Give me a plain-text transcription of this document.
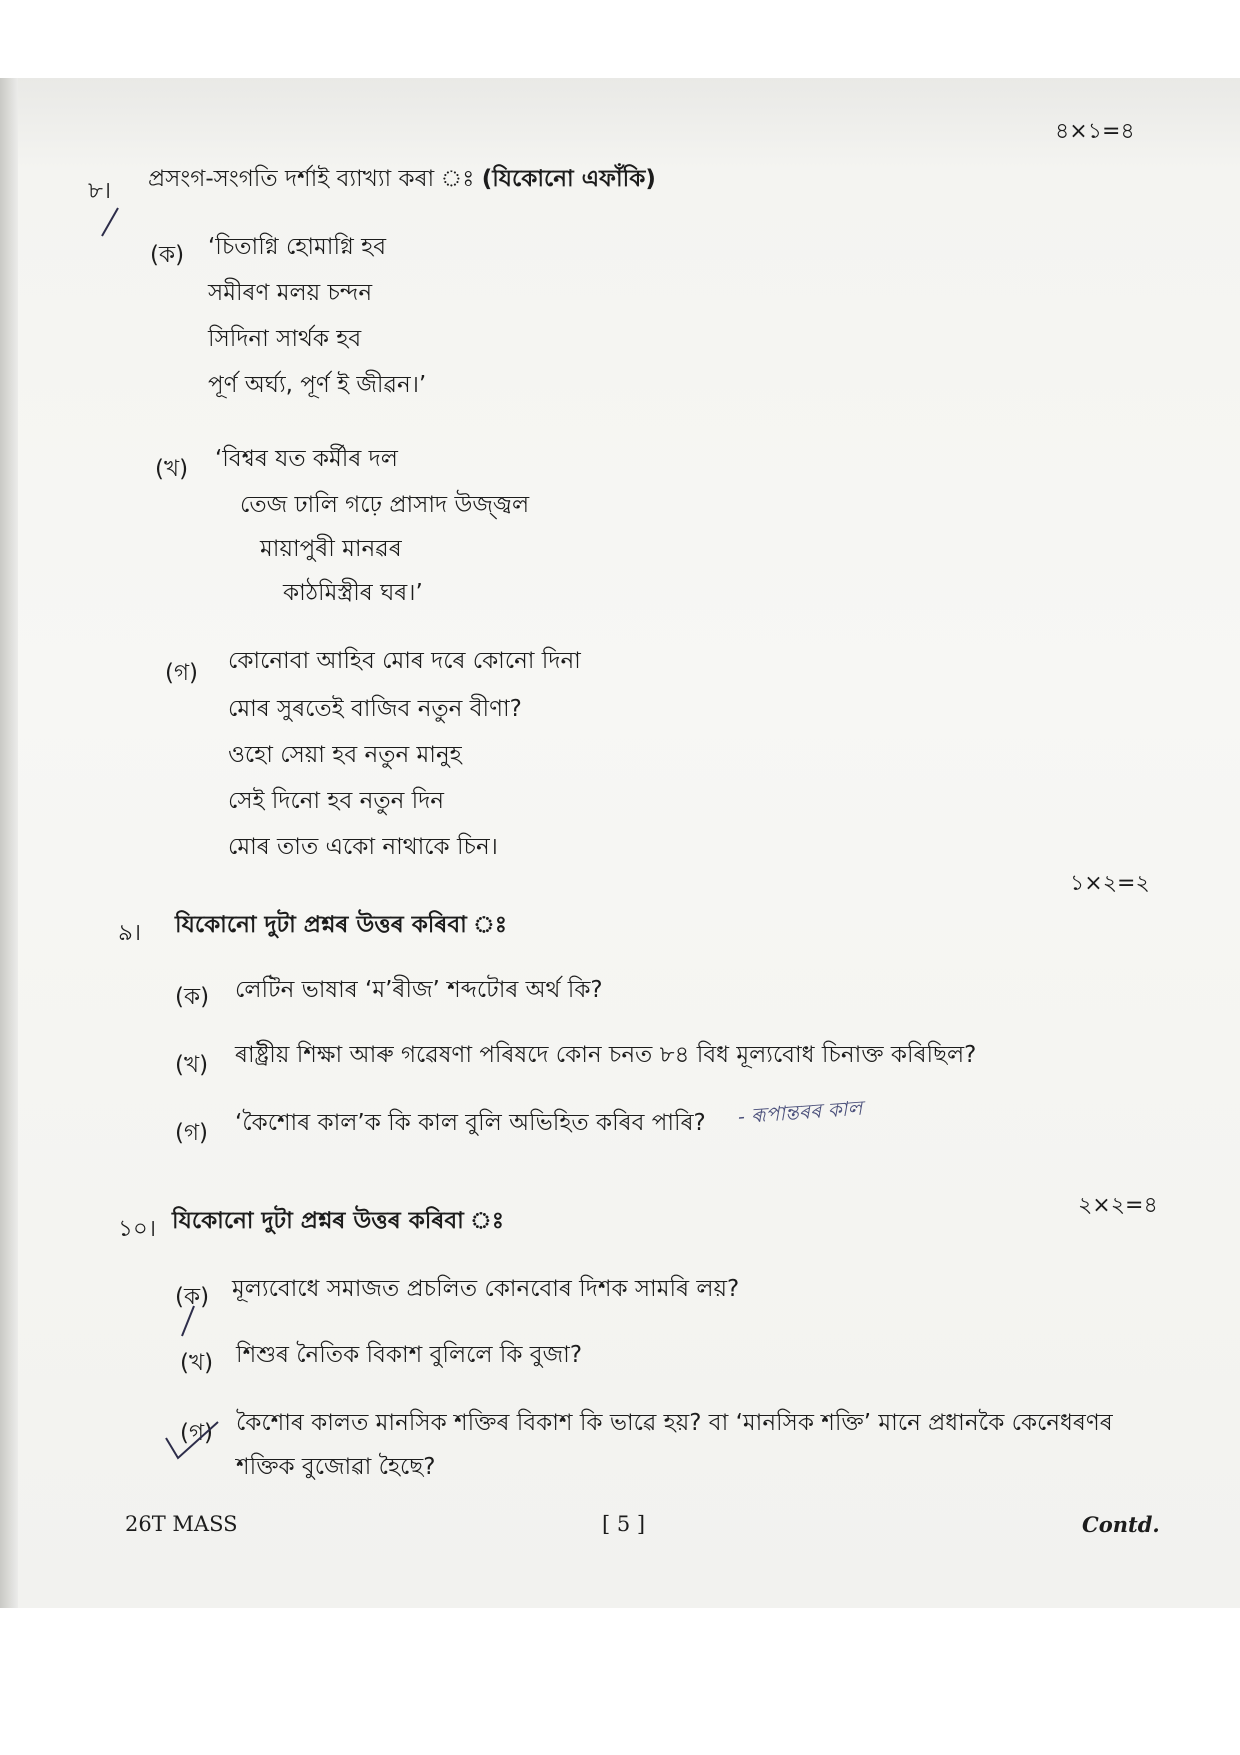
৪×১=৪
৮। প্ৰসংগ-সংগতি দৰ্শাই ব্যাখ্যা কৰা ঃ (যিকোনো এফাঁকি)
(ক) ‘চিতাগ্নি হোমাগ্নি হব
সমীৰণ মলয় চন্দন
সিদিনা সাৰ্থক হব
পূৰ্ণ অৰ্ঘ্য, পূৰ্ণ ই জীৱন।’
(খ) ‘বিশ্বৰ যত কৰ্মীৰ দল
তেজ ঢালি গঢ়ে প্ৰাসাদ উজ্জ্বল
মায়াপুৰী মানৱৰ
কাঠমিস্ত্ৰীৰ ঘৰ।’
(গ) কোনোবা আহিব মোৰ দৰে কোনো দিনা
মোৰ সুৰতেই বাজিব নতুন বীণা?
ওহো সেয়া হব নতুন মানুহ
সেই দিনো হব নতুন দিন
মোৰ তাত একো নাথাকে চিন।
১×২=২
৯। যিকোনো দুটা প্ৰশ্নৰ উত্তৰ কৰিবা ঃ
(ক) লেটিন ভাষাৰ ‘ম’ৰীজ’ শব্দটোৰ অৰ্থ কি?
(খ) ৰাষ্ট্ৰীয় শিক্ষা আৰু গৱেষণা পৰিষদে কোন চনত ৮৪ বিধ মূল্যবোধ চিনাক্ত কৰিছিল?
(গ) ‘কৈশোৰ কাল’ক কি কাল বুলি অভিহিত কৰিব পাৰি? - ৰূপান্তৰৰ কাল
২×২=৪
১০। যিকোনো দুটা প্ৰশ্নৰ উত্তৰ কৰিবা ঃ
(ক) মূল্যবোধে সমাজত প্ৰচলিত কোনবোৰ দিশক সামৰি লয়?
(খ) শিশুৰ নৈতিক বিকাশ বুলিলে কি বুজা?
(গ) কৈশোৰ কালত মানসিক শক্তিৰ বিকাশ কি ভাৱে হয়? বা ‘মানসিক শক্তি’ মানে প্ৰধানকৈ কেনেধৰণৰ
শক্তিক বুজোৱা হৈছে?
26T MASS	[ 5 ]	Contd.
